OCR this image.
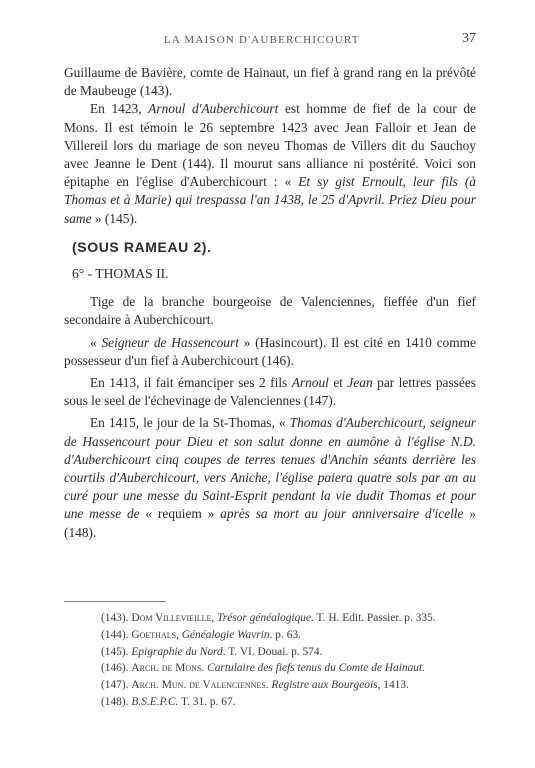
LA MAISON D'AUBERCHICOURT	37

Guillaume de Bavière, comte de Hainaut, un fief à grand rang en la prévôté de Maubeuge (143).

En 1423, Arnoul d'Auberchicourt est homme de fief de la cour de Mons. Il est témoin le 26 septembre 1423 avec Jean Falloir et Jean de Villereil lors du mariage de son neveu Thomas de Villers dit du Sauchoy avec Jeanne le Dent (144). Il mourut sans alliance ni postérité. Voici son épitaphe en l'église d'Auberchicourt : « Et sy gist Ernoult, leur fils (à Thomas et à Marie) qui trespassa l'an 1438, le 25 d'Apvril. Priez Dieu pour same » (145).

(SOUS RAMEAU 2).

6° - THOMAS II.

Tige de la branche bourgeoise de Valenciennes, fieffée d'un fief secondaire à Auberchicourt.

« Seigneur de Hassencourt » (Hasincourt). Il est cité en 1410 comme possesseur d'un fief à Auberchicourt (146).

En 1413, il fait émanciper ses 2 fils Arnoul et Jean par lettres passées sous le seel de l'échevinage de Valenciennes (147).

En 1415, le jour de la St-Thomas, « Thomas d'Auberchicourt, seigneur de Hassencourt pour Dieu et son salut donne en aumône à l'église N.D. d'Auberchicourt cinq coupes de terres tenues d'Anchin séants derrière les courtils d'Auberchicourt, vers Aniche, l'église paiera quatre sols par an au curé pour une messe du Saint-Esprit pendant la vie dudit Thomas et pour une messe de « requiem » après sa mort au jour anniversaire d'icelle » (148).

(143). Dom Villevieille, Trésor généalogique. T. H. Edit. Passier. p. 335.

(144). Goethals, Généalogie Wavrin. p. 63.

(145). Epigraphie du Nord. T. VI. Douai. p. 574.

(146). Arch. de Mons. Cartulaire des fiefs tenus du Comte de Hainaut.

(147). Arch. Mun. de Valenciennes. Registre aux Bourgeois, 1413.

(148). B.S.E.P.C. T. 31. p. 67.
